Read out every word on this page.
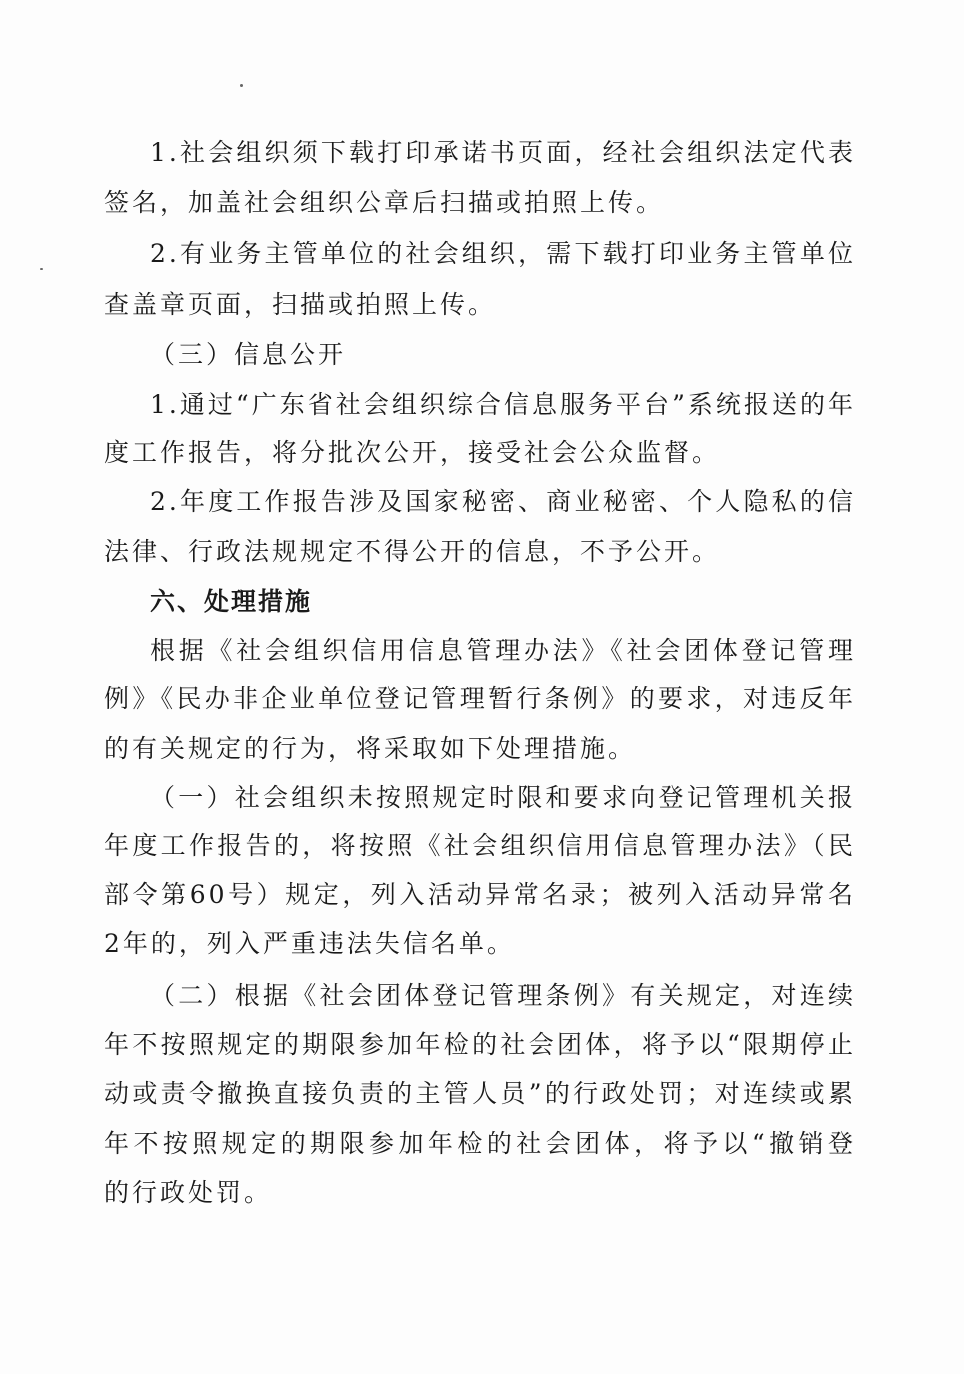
1.社会组织须下载打印承诺书页面，经社会组织法定代表
签名，加盖社会组织公章后扫描或拍照上传。
2.有业务主管单位的社会组织，需下载打印业务主管单位
查盖章页面，扫描或拍照上传。
（三）信息公开
1.通过“广东省社会组织综合信息服务平台”系统报送的年
度工作报告，将分批次公开，接受社会公众监督。
2.年度工作报告涉及国家秘密、商业秘密、个人隐私的信
法律、行政法规规定不得公开的信息，不予公开。
六、处理措施
根据《社会组织信用信息管理办法》《社会团体登记管理
例》《民办非企业单位登记管理暂行条例》的要求，对违反年
的有关规定的行为，将采取如下处理措施。
（一）社会组织未按照规定时限和要求向登记管理机关报
年度工作报告的，将按照《社会组织信用信息管理办法》（民
部令第60号）规定，列入活动异常名录；被列入活动异常名
2年的，列入严重违法失信名单。
（二）根据《社会团体登记管理条例》有关规定，对连续
年不按照规定的期限参加年检的社会团体，将予以“限期停止
动或责令撤换直接负责的主管人员”的行政处罚；对连续或累
年不按照规定的期限参加年检的社会团体，将予以“撤销登
的行政处罚。
